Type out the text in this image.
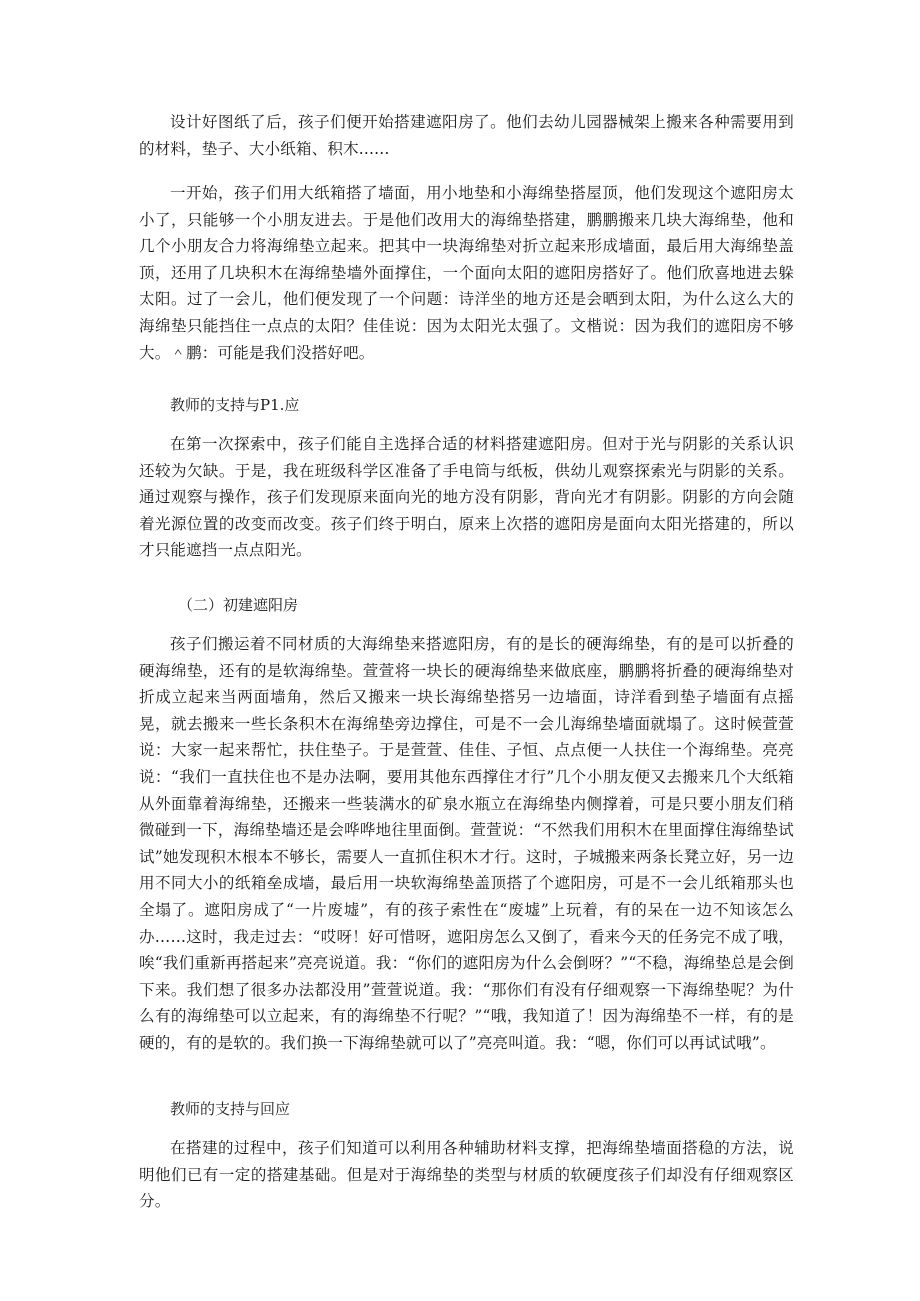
设计好图纸了后，孩子们便开始搭建遮阳房了。他们去幼儿园器械架上搬来各种需要用到的材料，垫子、大小纸箱、积木......

一开始，孩子们用大纸箱搭了墙面，用小地垫和小海绵垫搭屋顶，他们发现这个遮阳房太小了，只能够一个小朋友进去。于是他们改用大的海绵垫搭建，鹏鹏搬来几块大海绵垫，他和几个小朋友合力将海绵垫立起来。把其中一块海绵垫对折立起来形成墙面，最后用大海绵垫盖顶，还用了几块积木在海绵垫墙外面撑住，一个面向太阳的遮阳房搭好了。他们欣喜地进去躲太阳。过了一会儿，他们便发现了一个问题：诗洋坐的地方还是会晒到太阳，为什么这么大的海绵垫只能挡住一点点的太阳？佳佳说：因为太阳光太强了。文楷说：因为我们的遮阳房不够大。＾鹏：可能是我们没搭好吧。

教师的支持与P1.应

在第一次探索中，孩子们能自主选择合适的材料搭建遮阳房。但对于光与阴影的关系认识还较为欠缺。于是，我在班级科学区准备了手电筒与纸板，供幼儿观察探索光与阴影的关系。通过观察与操作，孩子们发现原来面向光的地方没有阴影，背向光才有阴影。阴影的方向会随着光源位置的改变而改变。孩子们终于明白，原来上次搭的遮阳房是面向太阳光搭建的，所以才只能遮挡一点点阳光。

（二）初建遮阳房

孩子们搬运着不同材质的大海绵垫来搭遮阳房，有的是长的硬海绵垫，有的是可以折叠的硬海绵垫，还有的是软海绵垫。萱萱将一块长的硬海绵垫来做底座，鹏鹏将折叠的硬海绵垫对折成立起来当两面墙角，然后又搬来一块长海绵垫搭另一边墙面，诗洋看到垫子墙面有点摇晃，就去搬来一些长条积木在海绵垫旁边撑住，可是不一会儿海绵垫墙面就塌了。这时候萱萱说：大家一起来帮忙，扶住垫子。于是萱萱、佳佳、子恒、点点便一人扶住一个海绵垫。亮亮说：“我们一直扶住也不是办法啊，要用其他东西撑住才行”几个小朋友便又去搬来几个大纸箱从外面靠着海绵垫，还搬来一些装满水的矿泉水瓶立在海绵垫内侧撑着，可是只要小朋友们稍微碰到一下，海绵垫墙还是会哗哗地往里面倒。萱萱说：“不然我们用积木在里面撑住海绵垫试试”她发现积木根本不够长，需要人一直抓住积木才行。这时，子城搬来两条长凳立好，另一边用不同大小的纸箱垒成墙，最后用一块软海绵垫盖顶搭了个遮阳房，可是不一会儿纸箱那头也全塌了。遮阳房成了“一片废墟”，有的孩子索性在“废墟”上玩着，有的呆在一边不知该怎么办……这时，我走过去：“哎呀！好可惜呀，遮阳房怎么又倒了，看来今天的任务完不成了哦，唉“我们重新再搭起来”亮亮说道。我：“你们的遮阳房为什么会倒呀？”“不稳，海绵垫总是会倒下来。我们想了很多办法都没用”萱萱说道。我：“那你们有没有仔细观察一下海绵垫呢？为什么有的海绵垫可以立起来，有的海绵垫不行呢？”“哦，我知道了！因为海绵垫不一样，有的是硬的，有的是软的。我们换一下海绵垫就可以了”亮亮叫道。我：“嗯，你们可以再试试哦”。

教师的支持与回应

在搭建的过程中，孩子们知道可以利用各种辅助材料支撑，把海绵垫墙面搭稳的方法，说明他们已有一定的搭建基础。但是对于海绵垫的类型与材质的软硬度孩子们却没有仔细观察区分。
